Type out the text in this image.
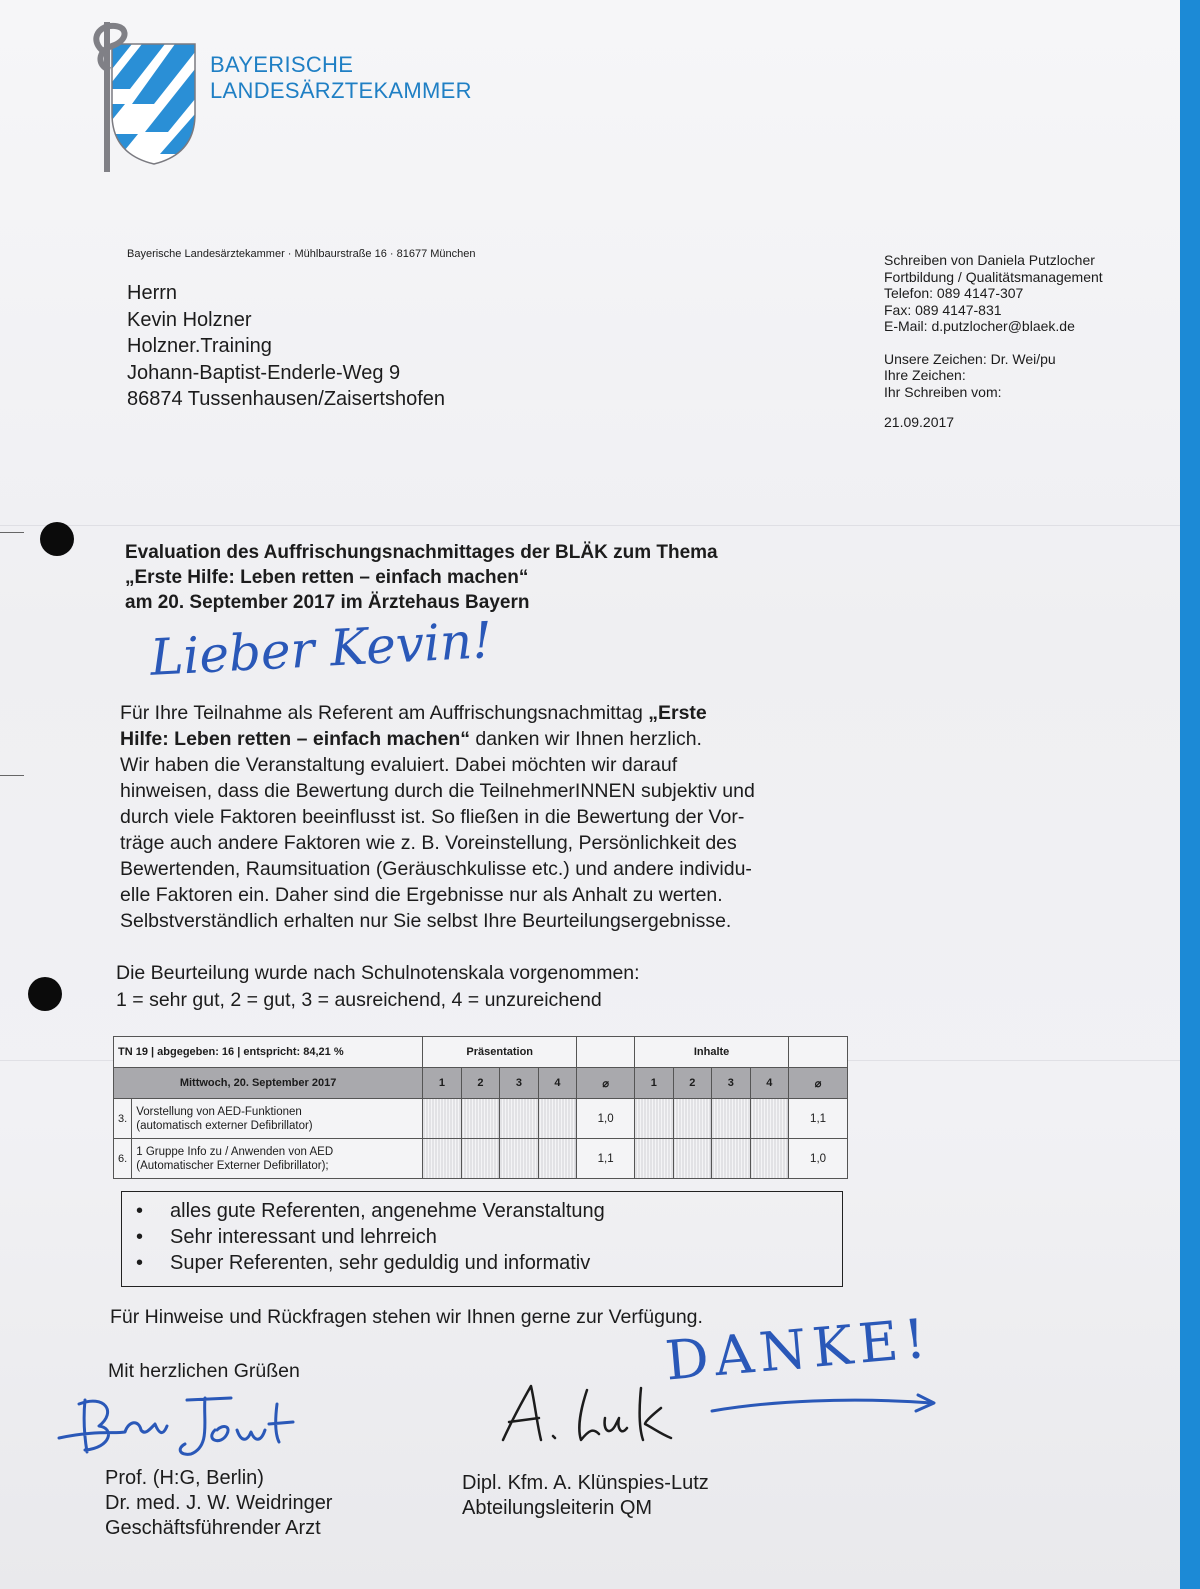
BAYERISCHE
LANDESÄRZTEKAMMER
Bayerische Landesärztekammer · Mühlbaurstraße 16 · 81677 München
Herrn
Kevin Holzner
Holzner.Training
Johann-Baptist-Enderle-Weg 9
86874 Tussenhausen/Zaisertshofen
Schreiben von Daniela Putzlocher
Fortbildung / Qualitätsmanagement
Telefon: 089 4147-307
Fax: 089 4147-831
E-Mail: d.putzlocher@blaek.de
Unsere Zeichen: Dr. Wei/pu
Ihre Zeichen:
Ihr Schreiben vom:
21.09.2017
Evaluation des Auffrischungsnachmittages der BLÄK zum Thema
„Erste Hilfe: Leben retten – einfach machen“
am 20. September 2017 im Ärztehaus Bayern
Lieber Kevin!

Für Ihre Teilnahme als Referent am Auffrischungsnachmittag „Erste

Hilfe: Leben retten – einfach machen“ danken wir Ihnen herzlich.

Wir haben die Veranstaltung evaluiert. Dabei möchten wir darauf

hinweisen, dass die Bewertung durch die TeilnehmerINNEN subjektiv und

durch viele Faktoren beeinflusst ist. So fließen in die Bewertung der Vor-

träge auch andere Faktoren wie z. B. Voreinstellung, Persönlichkeit des

Bewertenden, Raumsituation (Geräuschkulisse etc.) und andere individu-

elle Faktoren ein. Daher sind die Ergebnisse nur als Anhalt zu werten.

Selbstverständlich erhalten nur Sie selbst Ihre Beurteilungsergebnisse.

Die Beurteilung wurde nach Schulnotenskala vorgenommen:
1 = sehr gut, 2 = gut, 3 = ausreichend, 4 = unzureichend
TN 19 | abgegeben: 16 | entspricht: 84,21 %		Präsentation					Inhalte				
Mittwoch, 20. September 2017		1	2	3	4	⌀	1	2	3	4	⌀
3.	Vorstellung von AED-Funktionen
(automatisch externer Defibrillator)					1,0					1,1
6.	1 Gruppe Info zu / Anwenden von AED
(Automatischer Externer Defibrillator);					1,1					1,0
• alles gute Referenten, angenehme Veranstaltung
• Sehr interessant und lehrreich
• Super Referenten, sehr geduldig und informativ
Für Hinweise und Rückfragen stehen wir Ihnen gerne zur Verfügung.
Mit herzlichen Grüßen	DANKE!
Prof. (H:G, Berlin)
Dr. med. J. W. Weidringer
Geschäftsführender Arzt
Dipl. Kfm. A. Klünspies-Lutz
Abteilungsleiterin QM
